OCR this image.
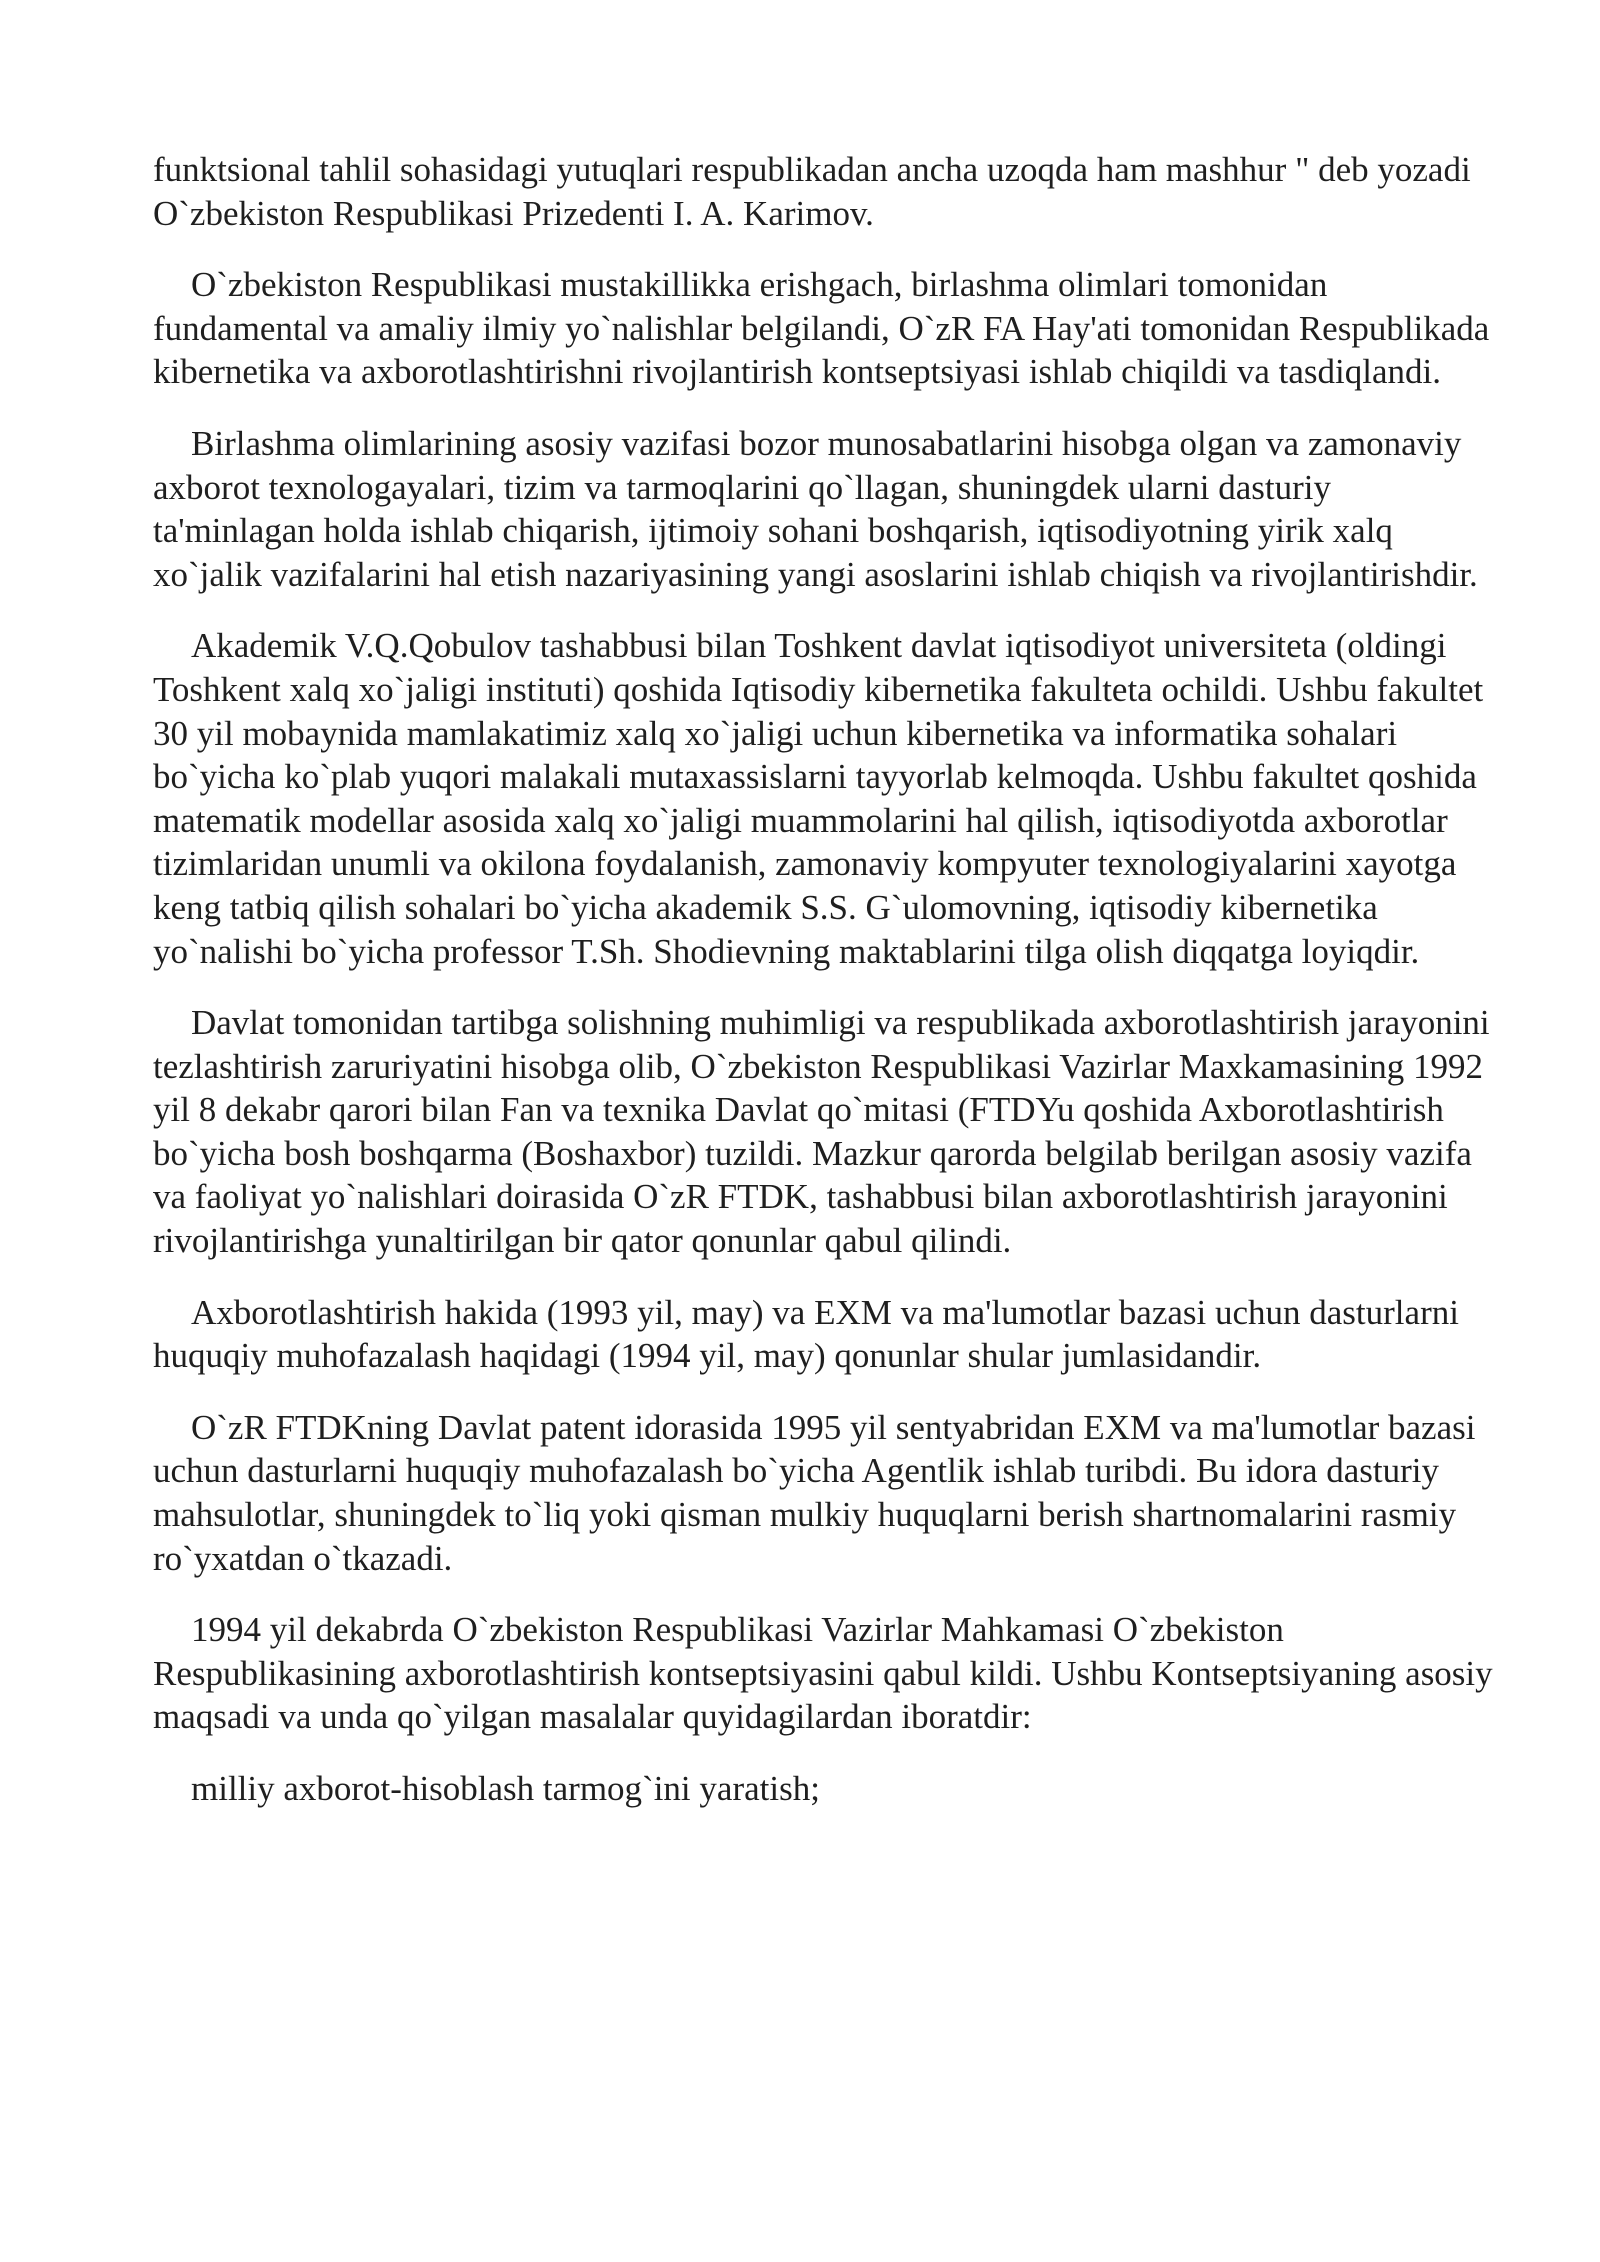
funktsional tahlil sohasidagi yutuqlari respublikadan ancha uzoqda ham mashhur " deb yozadi O`zbekiston Respublikasi Prizedenti I. A. Karimov.

O`zbekiston Respublikasi mustakillikka erishgach, birlashma olimlari tomonidan fundamental va amaliy ilmiy yo`nalishlar belgilandi, O`zR FA Hay'ati tomonidan Respublikada kibernetika va axborotlashtirishni rivojlantirish kontseptsiyasi ishlab chiqildi va tasdiqlandi.

Birlashma olimlarining asosiy vazifasi bozor munosabatlarini hisobga olgan va zamonaviy axborot texnologayalari, tizim va tarmoqlarini qo`llagan, shuningdek ularni dasturiy ta'minlagan holda ishlab chiqarish, ijtimoiy sohani boshqarish, iqtisodiyotning yirik xalq xo`jalik vazifalarini hal etish nazariyasining yangi asoslarini ishlab chiqish va rivojlantirishdir.

Akademik V.Q.Qobulov tashabbusi bilan Toshkent davlat iqtisodiyot universiteta (oldingi Toshkent xalq xo`jaligi instituti) qoshida Iqtisodiy kibernetika fakulteta ochildi. Ushbu fakultet 30 yil mobaynida mamlakatimiz xalq xo`jaligi uchun kibernetika va informatika sohalari bo`yicha ko`plab yuqori malakali mutaxassislarni tayyorlab kelmoqda. Ushbu fakultet qoshida matematik modellar asosida xalq xo`jaligi muammolarini hal qilish, iqtisodiyotda axborotlar tizimlaridan unumli va okilona foydalanish, zamonaviy kompyuter texnologiyalarini xayotga keng tatbiq qilish sohalari bo`yicha akademik S.S. G`ulomovning, iqtisodiy kibernetika yo`nalishi bo`yicha professor T.Sh. Shodievning maktablarini tilga olish diqqatga loyiqdir.

Davlat tomonidan tartibga solishning muhimligi va respublikada axborotlashtirish jarayonini tezlashtirish zaruriyatini hisobga olib, O`zbekiston Respublikasi Vazirlar Maxkamasining 1992 yil 8 dekabr qarori bilan Fan va texnika Davlat qo`mitasi (FTDYu qoshida Axborotlashtirish bo`yicha bosh boshqarma (Boshaxbor) tuzildi. Mazkur qarorda belgilab berilgan asosiy vazifa va faoliyat yo`nalishlari doirasida O`zR FTDK, tashabbusi bilan axborotlashtirish jarayonini rivojlantirishga yunaltirilgan bir qator qonunlar qabul qilindi.

Axborotlashtirish hakida (1993 yil, may) va EXM va ma'lumotlar bazasi uchun dasturlarni huquqiy muhofazalash haqidagi (1994 yil, may) qonunlar shular jumlasidandir.

O`zR FTDKning Davlat patent idorasida 1995 yil sentyabridan EXM va ma'lumotlar bazasi uchun dasturlarni huquqiy muhofazalash bo`yicha Agentlik ishlab turibdi. Bu idora dasturiy mahsulotlar, shuningdek to`liq yoki qisman mulkiy huquqlarni berish shartnomalarini rasmiy ro`yxatdan o`tkazadi.

1994 yil dekabrda O`zbekiston Respublikasi Vazirlar Mahkamasi O`zbekiston Respublikasining axborotlashtirish kontseptsiyasini qabul kildi. Ushbu Kontseptsiyaning asosiy maqsadi va unda qo`yilgan masalalar quyidagilardan iboratdir:

milliy axborot-hisoblash tarmog`ini yaratish;
